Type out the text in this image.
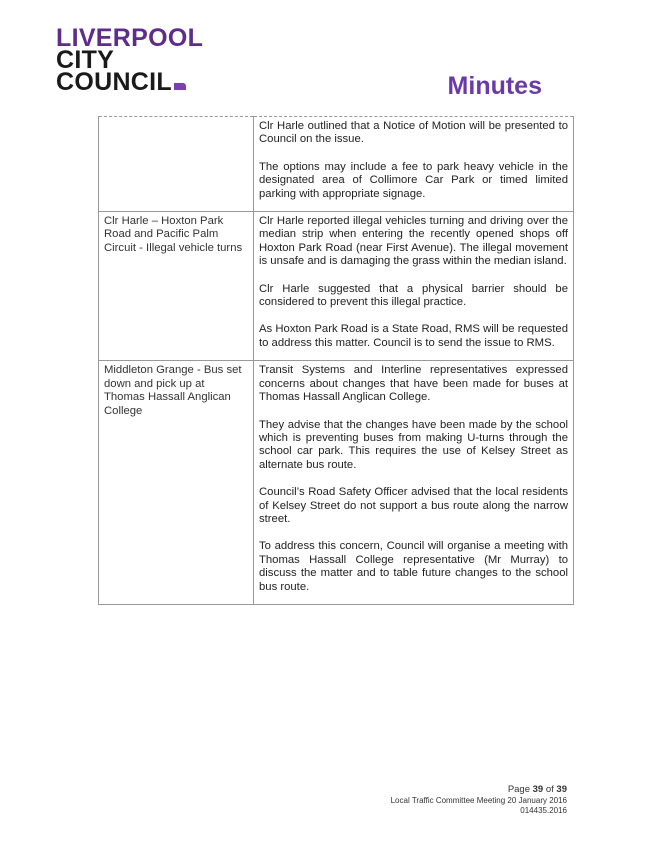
LIVERPOOL
CITY
COUNCIL	Minutes

	Clr Harle outlined that a Notice of Motion will be presented to Council on the issue.

The options may include a fee to park heavy vehicle in the designated area of Collimore Car Park or timed limited parking with appropriate signage.

Clr Harle – Hoxton Park Road and Pacific Palm Circuit - Illegal vehicle turns	Clr Harle reported illegal vehicles turning and driving over the median strip when entering the recently opened shops off Hoxton Park Road (near First Avenue). The illegal movement is unsafe and is damaging the grass within the median island.

Clr Harle suggested that a physical barrier should be considered to prevent this illegal practice.

As Hoxton Park Road is a State Road, RMS will be requested to address this matter. Council is to send the issue to RMS.

Middleton Grange - Bus set down and pick up at Thomas Hassall Anglican College	Transit Systems and Interline representatives expressed concerns about changes that have been made for buses at Thomas Hassall Anglican College.

They advise that the changes have been made by the school which is preventing buses from making U-turns through the school car park. This requires the use of Kelsey Street as alternate bus route.

Council’s Road Safety Officer advised that the local residents of Kelsey Street do not support a bus route along the narrow street.

To address this concern, Council will organise a meeting with Thomas Hassall College representative (Mr Murray) to discuss the matter and to table future changes to the school bus route.

Page 39 of 39
Local Traffic Committee Meeting 20 January 2016
014435.2016
